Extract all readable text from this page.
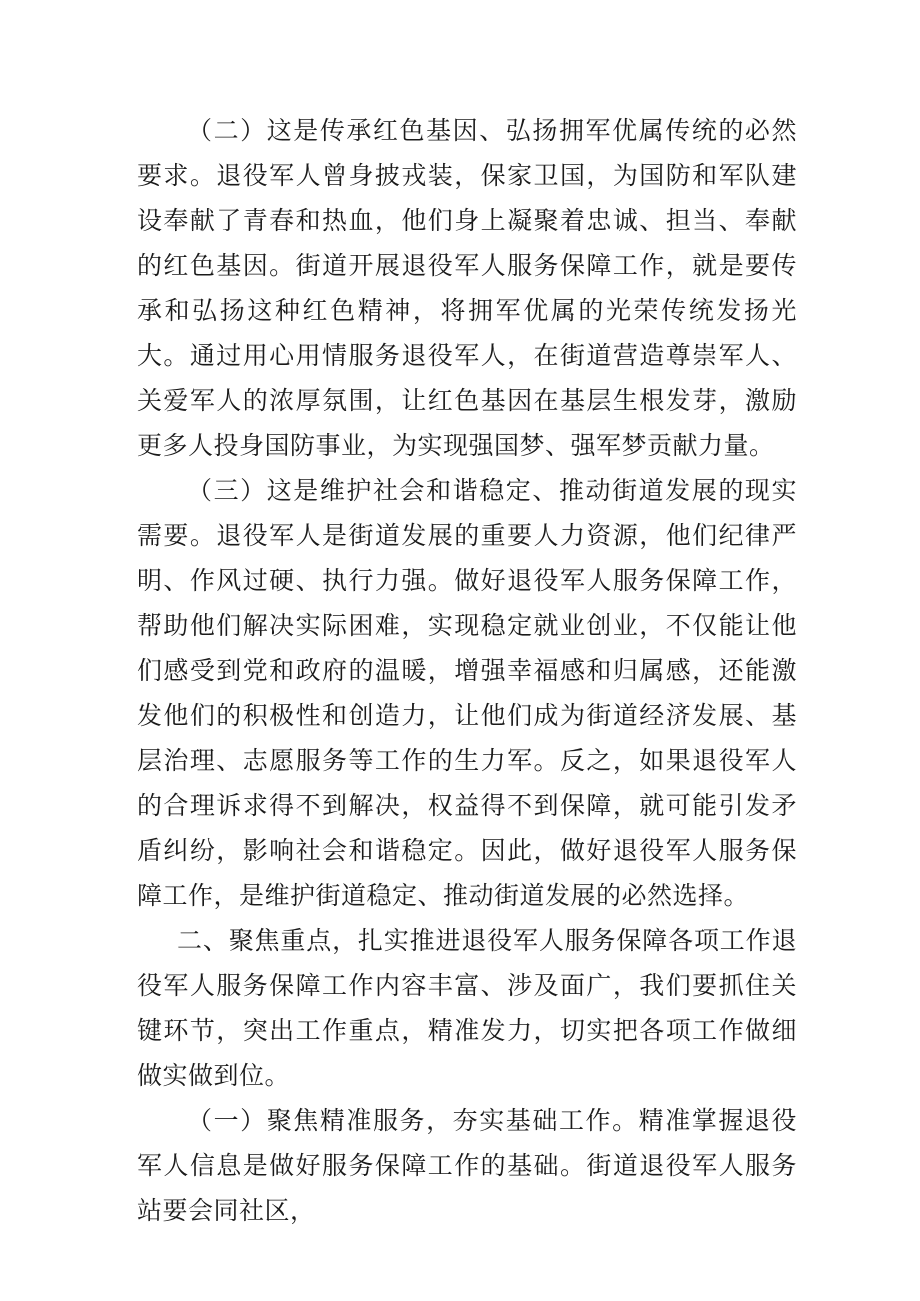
（二）这是传承红色基因、弘扬拥军优属传统的必然要求。退役军人曾身披戎装，保家卫国，为国防和军队建设奉献了青春和热血，他们身上凝聚着忠诚、担当、奉献的红色基因。街道开展退役军人服务保障工作，就是要传承和弘扬这种红色精神，将拥军优属的光荣传统发扬光大。通过用心用情服务退役军人，在街道营造尊崇军人、关爱军人的浓厚氛围，让红色基因在基层生根发芽，激励更多人投身国防事业，为实现强国梦、强军梦贡献力量。

（三）这是维护社会和谐稳定、推动街道发展的现实需要。退役军人是街道发展的重要人力资源，他们纪律严明、作风过硬、执行力强。做好退役军人服务保障工作，帮助他们解决实际困难，实现稳定就业创业，不仅能让他们感受到党和政府的温暖，增强幸福感和归属感，还能激发他们的积极性和创造力，让他们成为街道经济发展、基层治理、志愿服务等工作的生力军。反之，如果退役军人的合理诉求得不到解决，权益得不到保障，就可能引发矛盾纠纷，影响社会和谐稳定。因此，做好退役军人服务保障工作，是维护街道稳定、推动街道发展的必然选择。

二、聚焦重点，扎实推进退役军人服务保障各项工作退役军人服务保障工作内容丰富、涉及面广，我们要抓住关键环节，突出工作重点，精准发力，切实把各项工作做细做实做到位。

（一）聚焦精准服务，夯实基础工作。精准掌握退役军人信息是做好服务保障工作的基础。街道退役军人服务站要会同社区，
